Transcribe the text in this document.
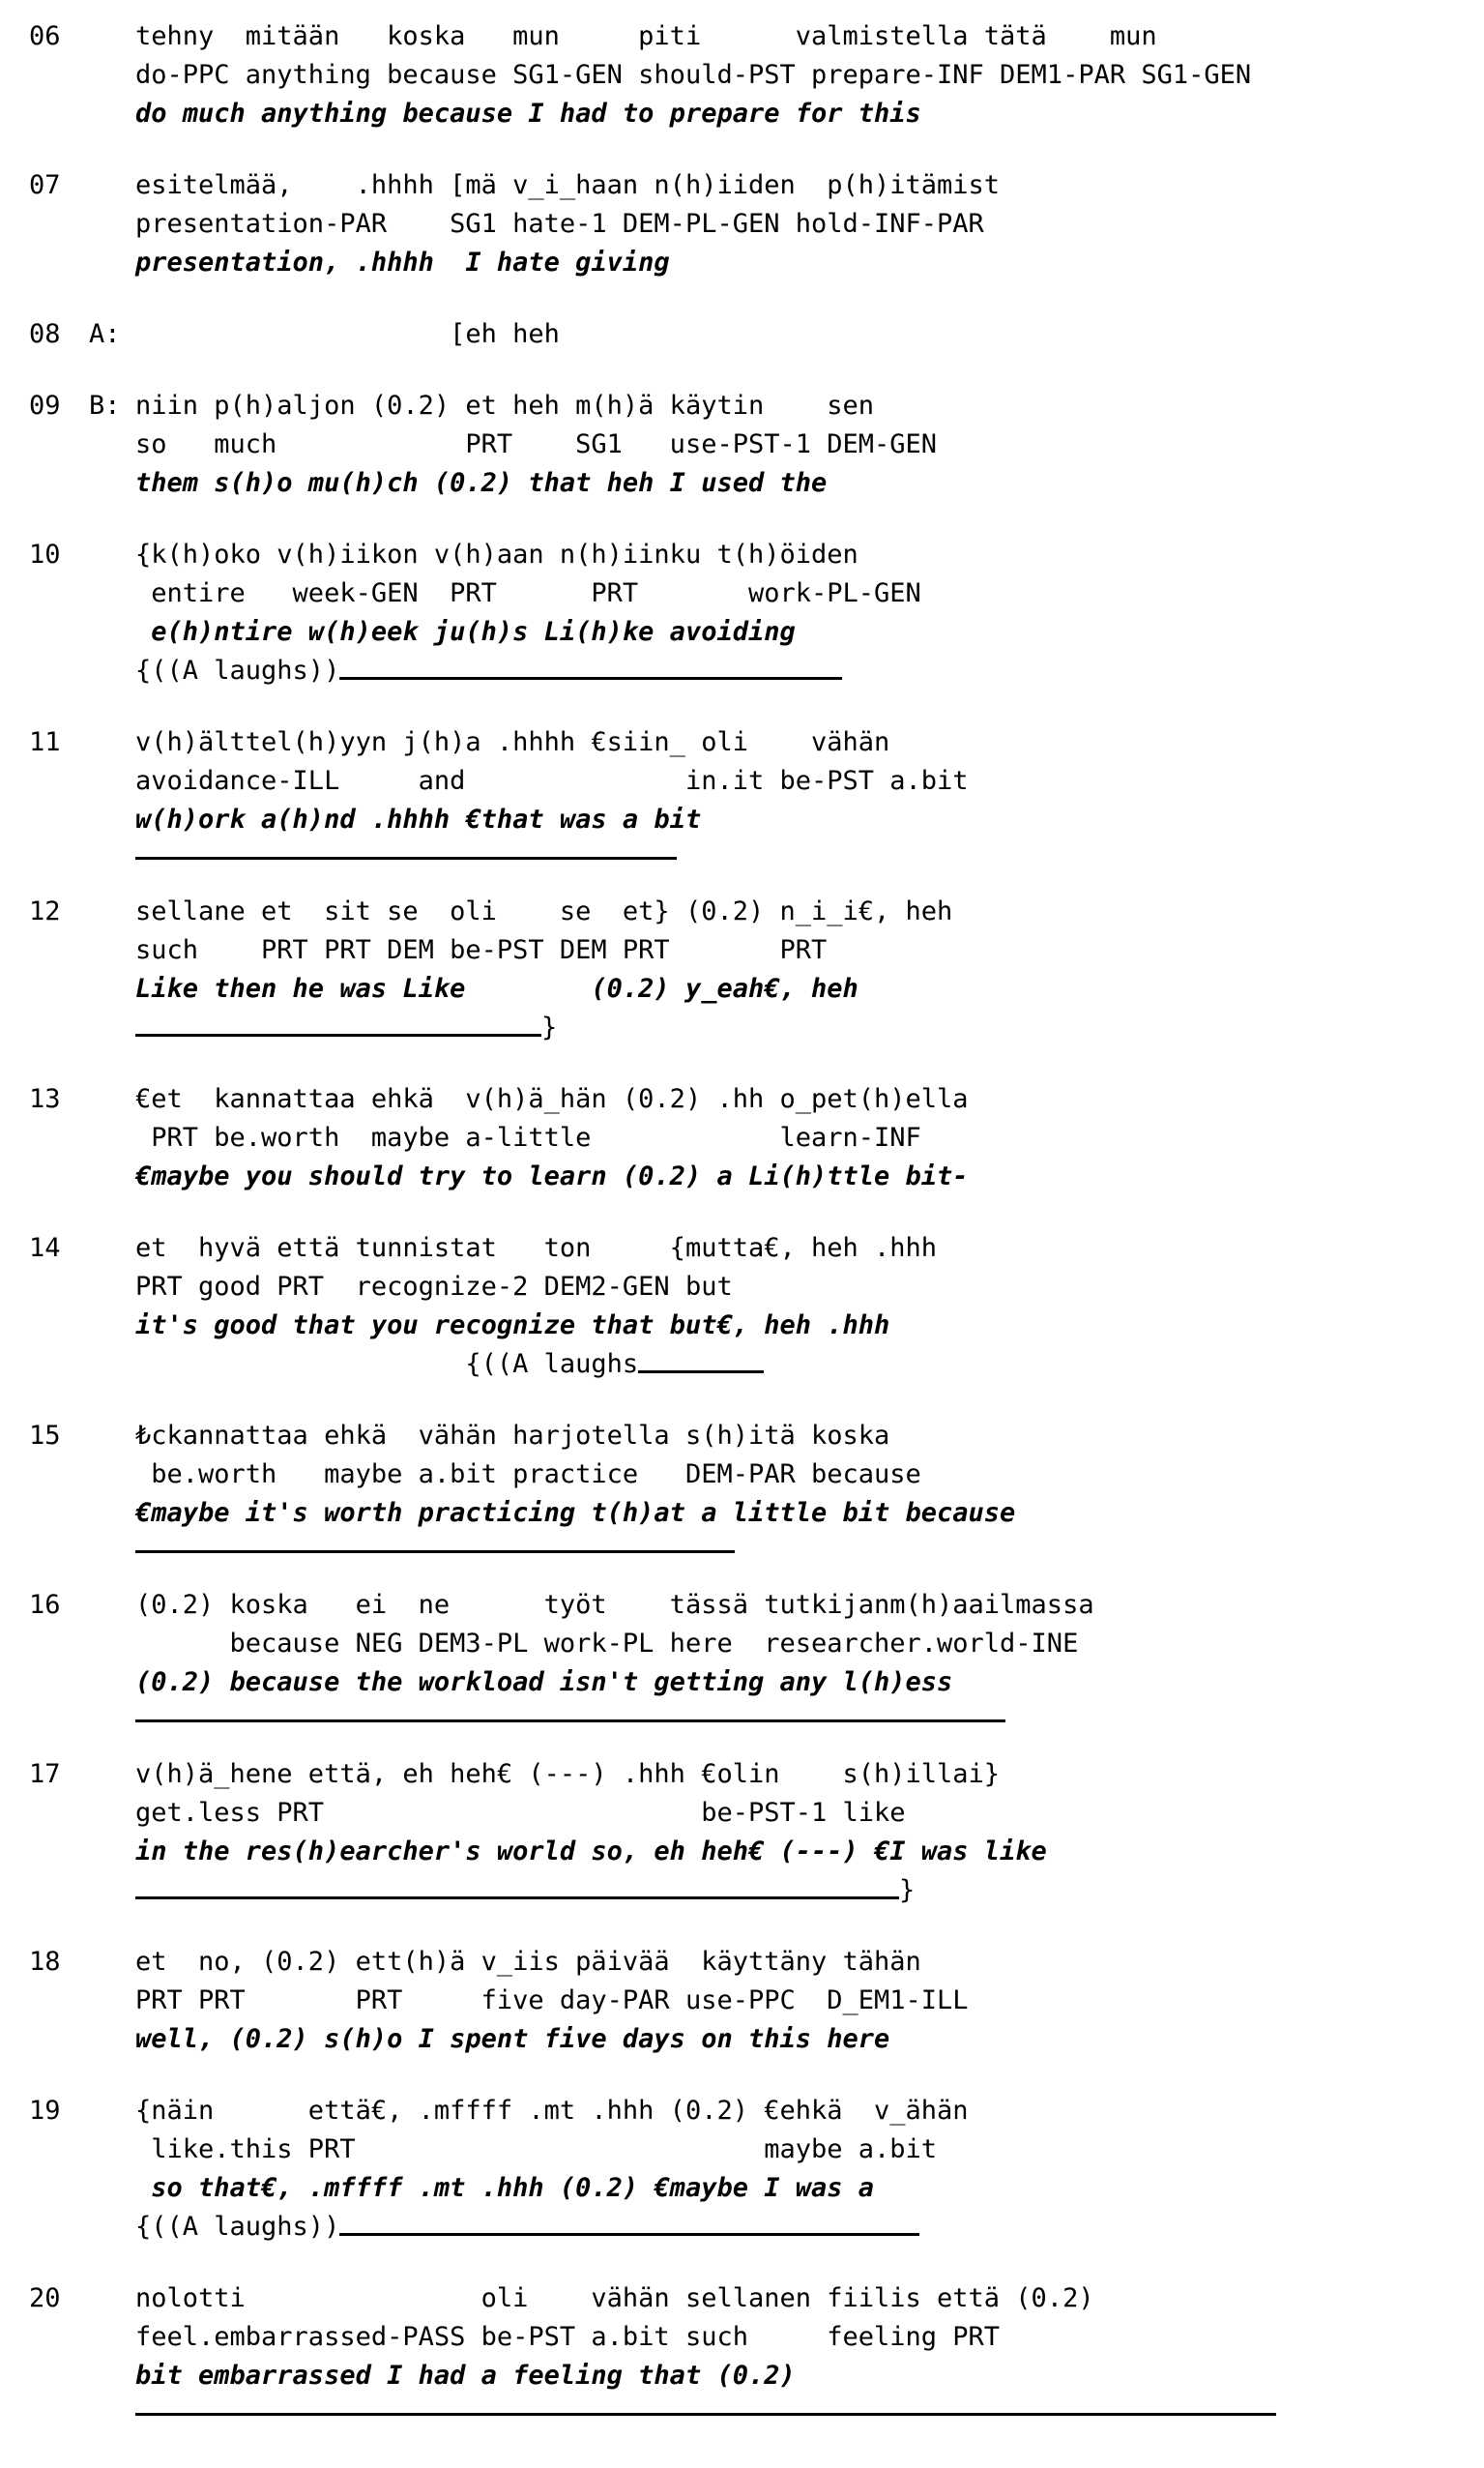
06	tehny  mitään   koska   mun     piti      valmistella tätä    mun
do-PPC anything because SG1-GEN should-PST prepare-INF DEM1-PAR SG1-GEN
do much anything because I had to prepare for this
07	esitelmää,    .hhhh [mä v̲i̲haan n(h)iiden  p(h)itämist
presentation-PAR    SG1 hate-1 DEM-PL-GEN hold-INF-PAR
presentation, .hhhh  I hate giving
08	A: [eh heh
09	B: niin p(h)aljon (0.2) et heh m(h)ä käytin    sen
so   much            PRT    SG1   use-PST-1 DEM-GEN
them s(h)o mu(h)ch (0.2) that heh I used the
10	{k(h)oko v(h)iikon v(h)aan n(h)iinku t(h)öiden
entire   week-GEN  PRT      PRT       work-PL-GEN
e(h)ntire w(h)eek ju(h)s Li(h)ke avoiding
{((A laughs))
11	v(h)älttel(h)yyn j(h)a .hhhh €siin_ oli    vähän
avoidance-ILL     and              in.it be-PST a.bit
w(h)ork a(h)nd .hhhh €that was a bit
12	sellane et  sit se  oli    se  et} (0.2) n̲i̲i€, heh
such    PRT PRT DEM be-PST DEM PRT       PRT
Like then he was Like        (0.2) y̲eah€, heh
}
13	€et  kannattaa ehkä  v(h)ä̲hän (0.2) .hh o̲pet(h)ella
PRT be.worth  maybe a-little            learn-INF
€maybe you should try to learn (0.2) a Li(h)ttle bit-
14	et  hyvä että tunnistat   ton     {mutta€, heh .hhh
PRT good PRT  recognize-2 DEM2-GEN but
it's good that you recognize that but€, heh .hhh
{((A laughs
15	₺ckannattaa ehkä  vähän harjotella s(h)itä koska
be.worth   maybe a.bit practice   DEM-PAR because
€maybe it's worth practicing t(h)at a little bit because
16	(0.2) koska   ei  ne      työt    tässä tutkijanm(h)aailmassa
because NEG DEM3-PL work-PL here  researcher.world-INE
(0.2) because the workload isn't getting any l(h)ess
17	v(h)ä̲hene että, eh heh€ (---) .hhh €olin    s(h)illai}
get.less PRT                        be-PST-1 like
in the res(h)earcher's world so, eh heh€ (---) €I was like
}
18	et  no, (0.2) ett(h)ä v̲iis päivää  käyttäny tähän
PRT PRT       PRT     five day-PAR use-PPC  D̲EM1-ILL
well, (0.2) s(h)o I spent five days on this here
19	{näin      että€, .mffff .mt .hhh (0.2) €ehkä  v̲ähän
like.this PRT                          maybe a.bit
so that€, .mffff .mt .hhh (0.2) €maybe I was a
{((A laughs))
20	nolotti               oli    vähän sellanen fiilis että (0.2)
feel.embarrassed-PASS be-PST a.bit such     feeling PRT
bit embarrassed I had a feeling that (0.2)
